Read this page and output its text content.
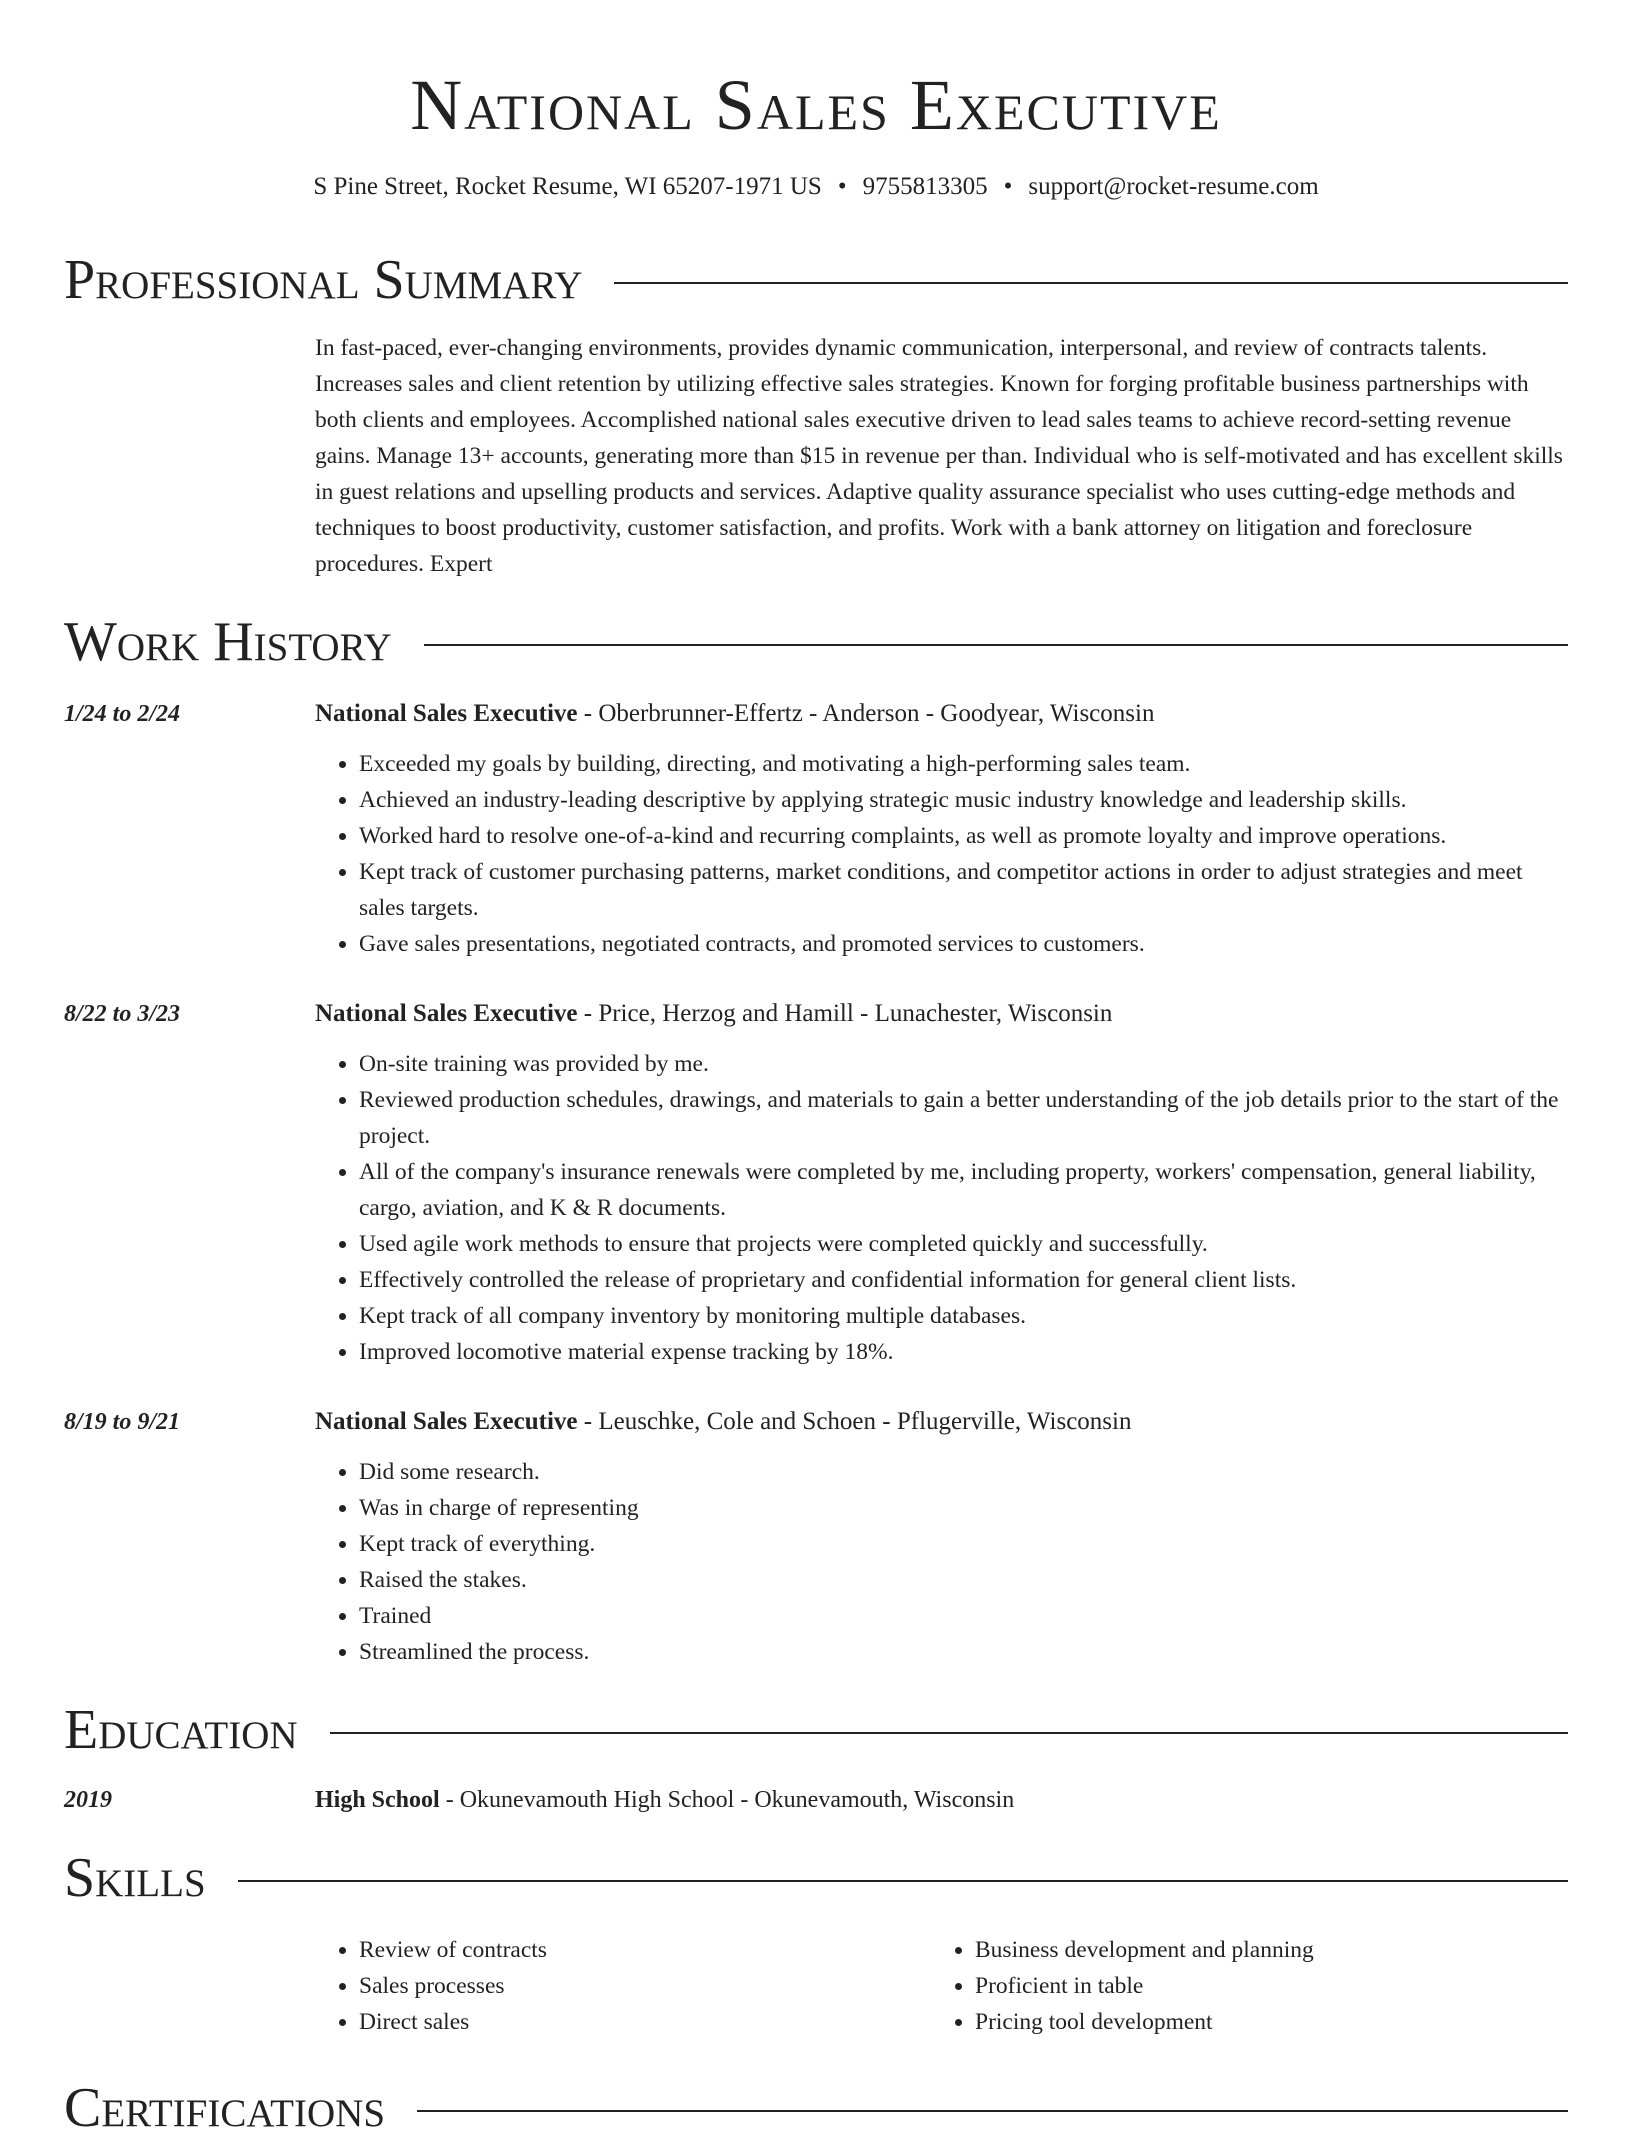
National Sales Executive
S Pine Street, Rocket Resume, WI 65207-1971 US • 9755813305 • support@rocket-resume.com
Professional Summary

In fast-paced, ever-changing environments, provides dynamic communication, interpersonal, and review of contracts talents. Increases sales and client retention by utilizing effective sales strategies. Known for forging profitable business partnerships with both clients and employees. Accomplished national sales executive driven to lead sales teams to achieve record-setting revenue gains. Manage 13+ accounts, generating more than $15 in revenue per than. Individual who is self-motivated and has excellent skills in guest relations and upselling products and services. Adaptive quality assurance specialist who uses cutting-edge methods and techniques to boost productivity, customer satisfaction, and profits. Work with a bank attorney on litigation and foreclosure procedures. Expert

Work History
1/24 to 2/24	National Sales Executive - Oberbrunner-Effertz - Anderson - Goodyear, Wisconsin
• Exceeded my goals by building, directing, and motivating a high-performing sales team.
• Achieved an industry-leading descriptive by applying strategic music industry knowledge and leadership skills.
• Worked hard to resolve one-of-a-kind and recurring complaints, as well as promote loyalty and improve operations.
• Kept track of customer purchasing patterns, market conditions, and competitor actions in order to adjust strategies and meet sales targets.
• Gave sales presentations, negotiated contracts, and promoted services to customers.
8/22 to 3/23	National Sales Executive - Price, Herzog and Hamill - Lunachester, Wisconsin
• On-site training was provided by me.
• Reviewed production schedules, drawings, and materials to gain a better understanding of the job details prior to the start of the project.
• All of the company's insurance renewals were completed by me, including property, workers' compensation, general liability, cargo, aviation, and K & R documents.
• Used agile work methods to ensure that projects were completed quickly and successfully.
• Effectively controlled the release of proprietary and confidential information for general client lists.
• Kept track of all company inventory by monitoring multiple databases.
• Improved locomotive material expense tracking by 18%.
8/19 to 9/21	National Sales Executive - Leuschke, Cole and Schoen - Pflugerville, Wisconsin
• Did some research.
• Was in charge of representing
• Kept track of everything.
• Raised the stakes.
• Trained
• Streamlined the process.
Education
2019	High School - Okunevamouth High School - Okunevamouth, Wisconsin
Skills
• Review of contracts
• Sales processes
• Direct sales
• Business development and planning
• Proficient in table
• Pricing tool development
Certifications
